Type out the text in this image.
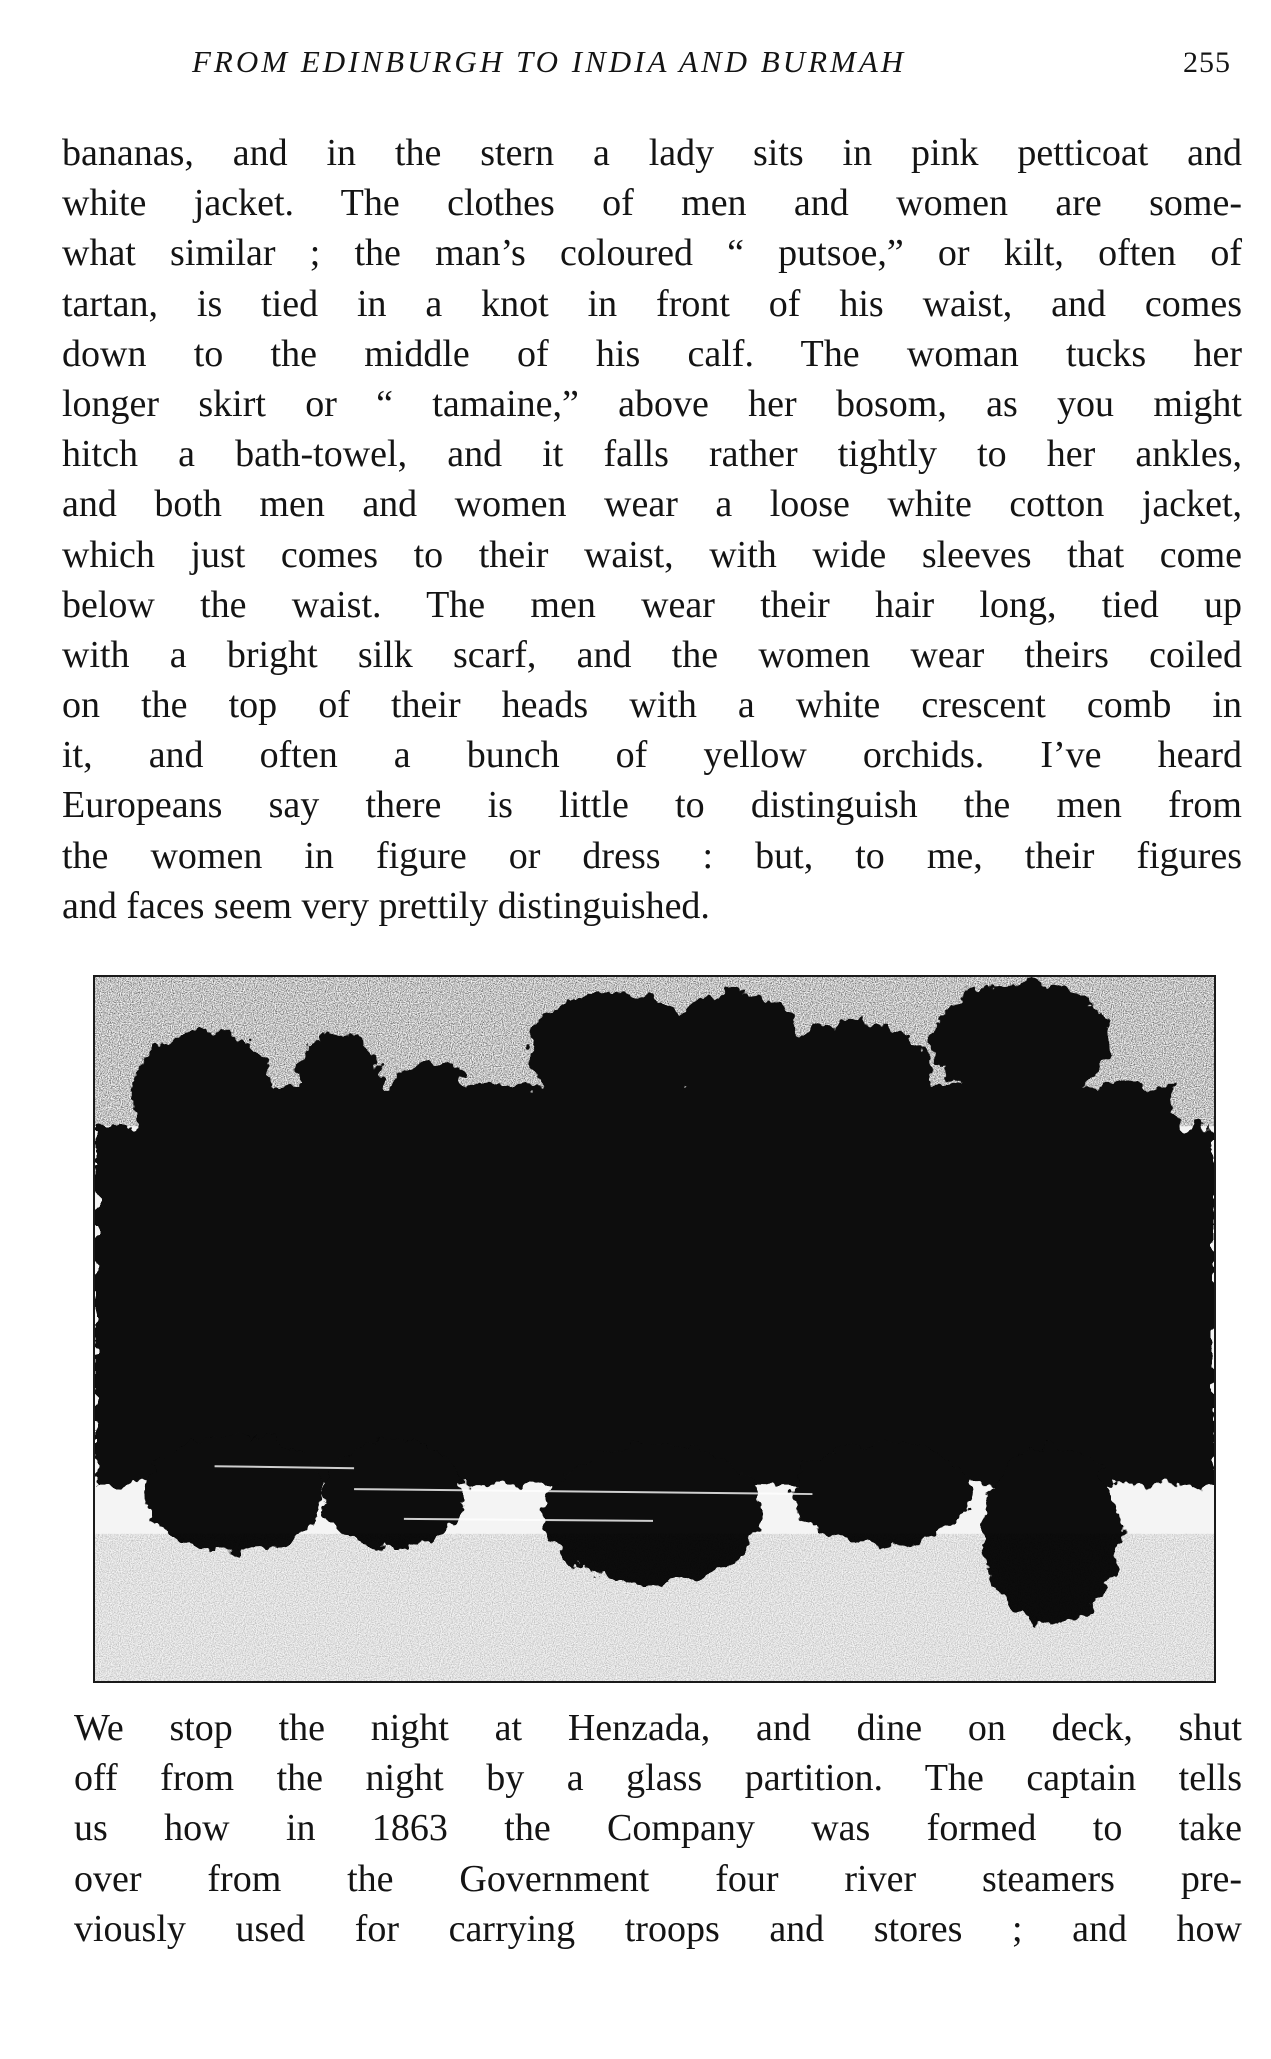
FROM EDINBURGH TO INDIA AND BURMAH	255
bananas, and in the stern a lady sits in pink petticoat and
white jacket. The clothes of men and women are some-
what similar ; the man’s coloured “ putsoe,” or kilt, often of
tartan, is tied in a knot in front of his waist, and comes
down to the middle of his calf. The woman tucks her
longer skirt or “ tamaine,” above her bosom, as you might
hitch a bath-towel, and it falls rather tightly to her ankles,
and both men and women wear a loose white cotton jacket,
which just comes to their waist, with wide sleeves that come
below the waist. The men wear their hair long, tied up
with a bright silk scarf, and the women wear theirs coiled
on the top of their heads with a white crescent comb in
it, and often a bunch of yellow orchids. I’ve heard
Europeans say there is little to distinguish the men from
the women in figure or dress : but, to me, their figures
and faces seem very prettily distinguished.
We stop the night at Henzada, and dine on deck, shut
off from the night by a glass partition. The captain tells
us how in 1863 the Company was formed to take
over from the Government four river steamers pre-
viously used for carrying troops and stores ; and how
